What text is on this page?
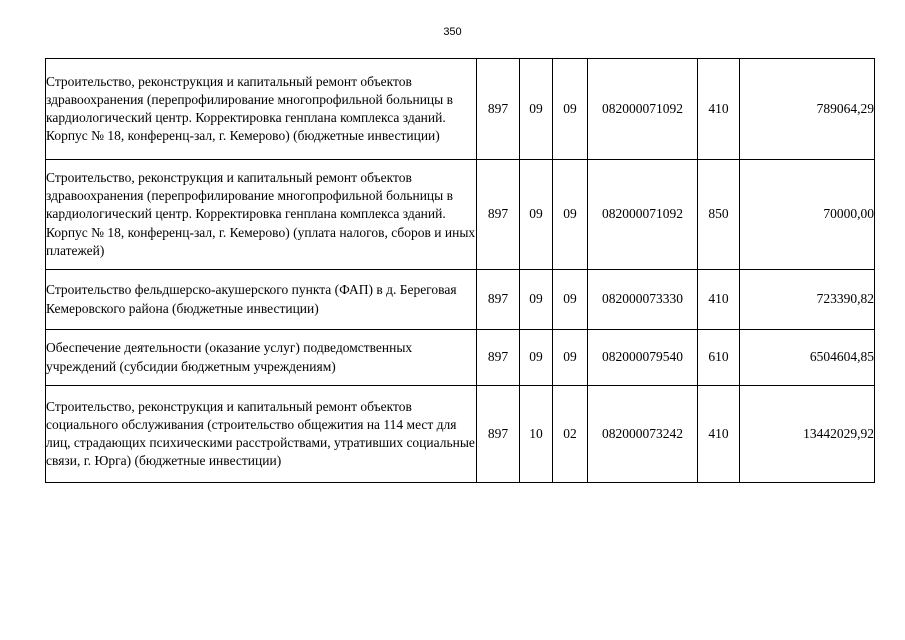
350
Строительство, реконструкция и капитальный ремонт объектов здравоохранения (перепрофилирование многопрофильной больницы в кардиологический центр. Корректировка генплана комплекса зданий. Корпус № 18, конференц-зал, г. Кемерово) (бюджетные инвестиции)	897	09	09	082000071092	410	789064,29
Строительство, реконструкция и капитальный ремонт объектов здравоохранения (перепрофилирование многопрофильной больницы в кардиологический центр. Корректировка генплана комплекса зданий. Корпус № 18, конференц-зал, г. Кемерово) (уплата налогов, сборов и иных платежей)	897	09	09	082000071092	850	70000,00
Строительство фельдшерско-акушерского пункта (ФАП) в д. Береговая Кемеровского района (бюджетные инвестиции)	897	09	09	082000073330	410	723390,82
Обеспечение деятельности (оказание услуг) подведомственных учреждений (субсидии бюджетным учреждениям)	897	09	09	082000079540	610	6504604,85
Строительство, реконструкция и капитальный ремонт объектов социального обслуживания (строительство общежития на 114 мест для лиц, страдающих психическими расстройствами, утративших социальные связи, г. Юрга) (бюджетные инвестиции)	897	10	02	082000073242	410	13442029,92
